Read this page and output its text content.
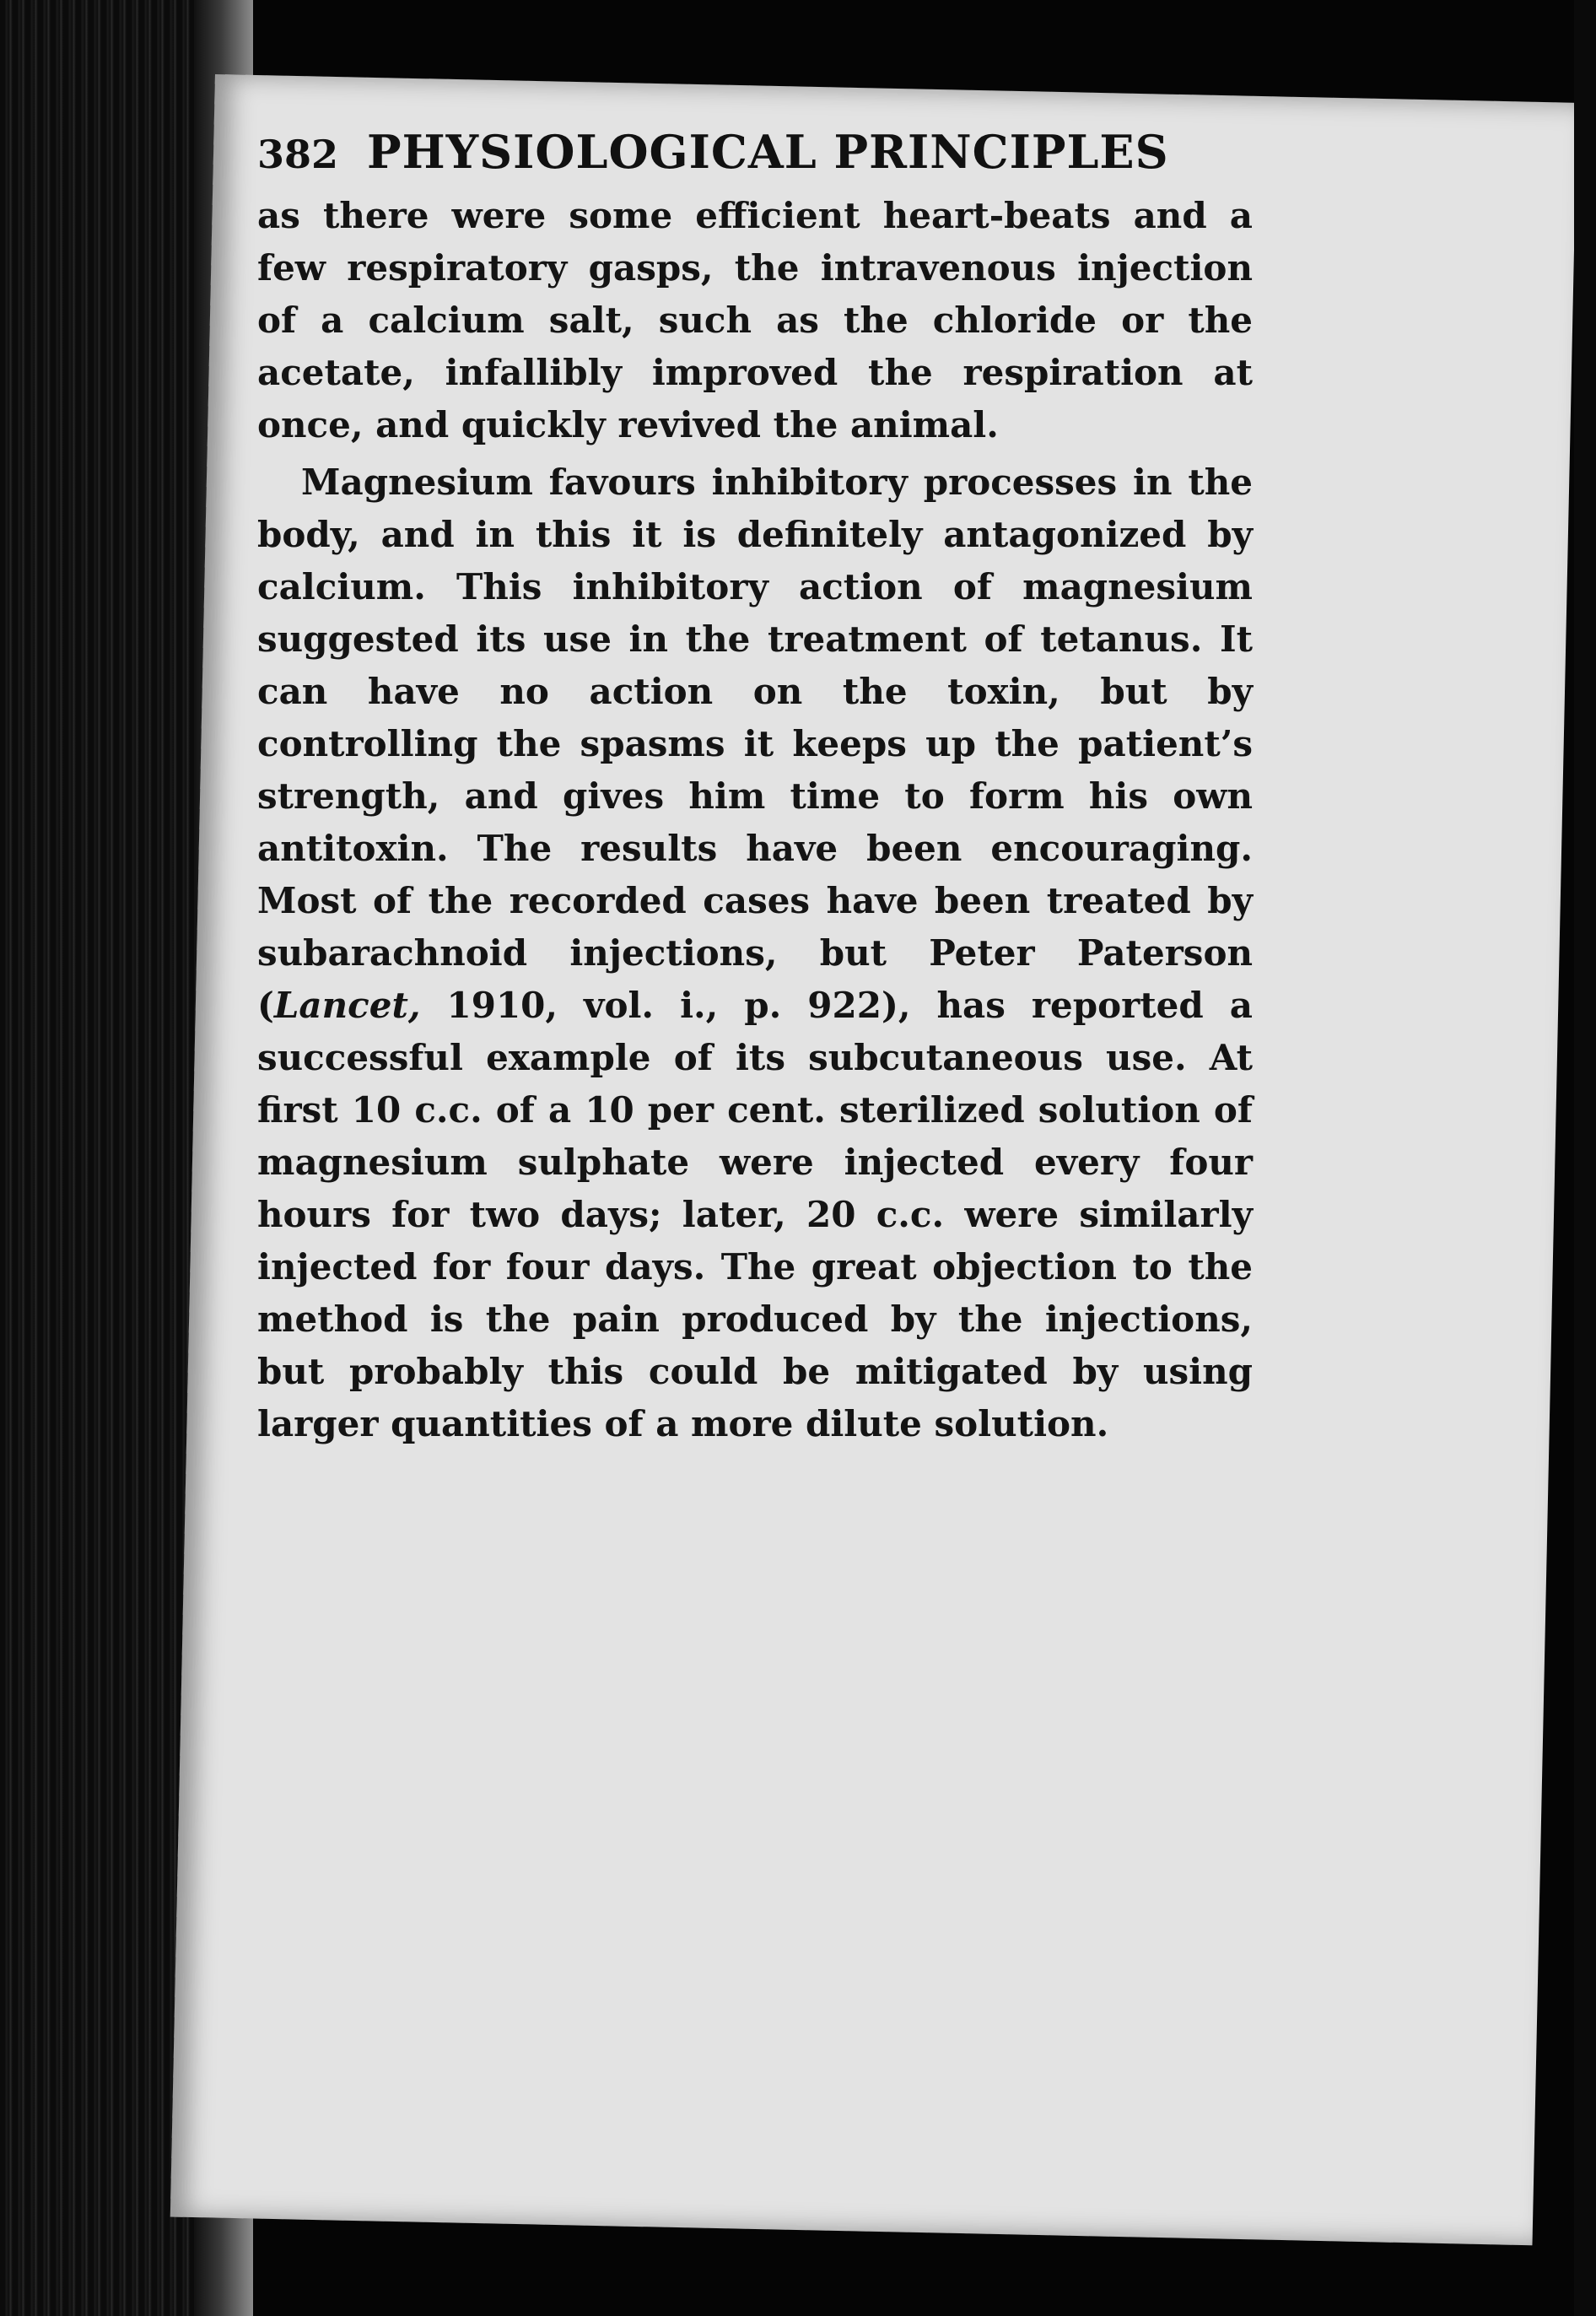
382 PHYSIOLOGICAL PRINCIPLES

as there were some efficient heart-beats and a few respiratory gasps, the intravenous injection of a calcium salt, such as the chloride or the acetate, infallibly improved the respiration at once, and quickly revived the animal.

Magnesium favours inhibitory processes in the body, and in this it is definitely antagonized by calcium. This inhibitory action of magnesium suggested its use in the treatment of tetanus. It can have no action on the toxin, but by controlling the spasms it keeps up the patient’s strength, and gives him time to form his own antitoxin. The results have been encouraging. Most of the recorded cases have been treated by subarachnoid injections, but Peter Paterson (Lancet, 1910, vol. i., p. 922), has reported a successful example of its subcutaneous use. At first 10 c.c. of a 10 per cent. sterilized solution of magnesium sulphate were injected every four hours for two days; later, 20 c.c. were similarly injected for four days. The great objection to the method is the pain produced by the injections, but probably this could be mitigated by using larger quantities of a more dilute solution.
